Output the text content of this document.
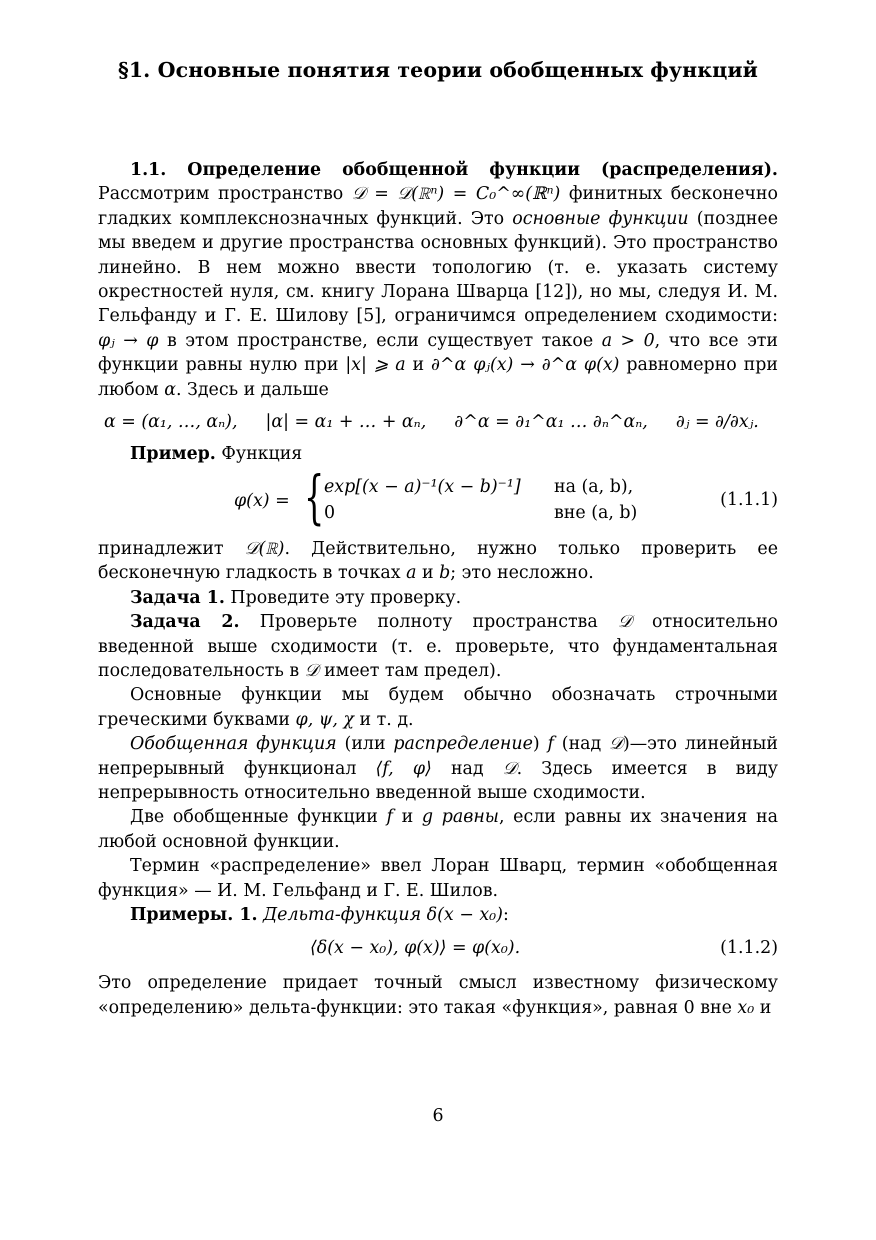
§1. Основные понятия теории обобщенных функций

1.1. Определение обобщенной функции (распределения). Рассмотрим пространство 𝒟 = 𝒟(ℝⁿ) = C₀^∞(ℝⁿ) финитных бесконечно гладких комплекснозначных функций. Это основные функции (позднее мы введем и другие пространства основных функций). Это пространство линейно. В нем можно ввести топологию (т. е. указать систему окрестностей нуля, см. книгу Лорана Шварца [12]), но мы, следуя И. М. Гельфанду и Г. Е. Шилову [5], ограничимся определением сходимости: φⱼ → φ в этом пространстве, если существует такое a > 0, что все эти функции равны нулю при |x| ⩾ a и ∂^α φⱼ(x) → ∂^α φ(x) равномерно при любом α. Здесь и дальше

α = (α₁, …, αₙ), |α| = α₁ + … + αₙ, ∂^α = ∂₁^α₁ … ∂ₙ^αₙ, ∂ⱼ = ∂/∂xⱼ.

Пример. Функция

φ(x) = { exp[(x − a)⁻¹(x − b)⁻¹]
0
на (a, b),
вне (a, b)
(1.1.1)

принадлежит 𝒟(ℝ). Действительно, нужно только проверить ее бесконечную гладкость в точках a и b; это несложно.

Задача 1. Проведите эту проверку.

Задача 2. Проверьте полноту пространства 𝒟 относительно введенной выше сходимости (т. е. проверьте, что фундаментальная последовательность в 𝒟 имеет там предел).

Основные функции мы будем обычно обозначать строчными греческими буквами φ, ψ, χ и т. д.

Обобщенная функция (или распределение) f (над 𝒟)—это линейный непрерывный функционал ⟨f, φ⟩ над 𝒟. Здесь имеется в виду непрерывность относительно введенной выше сходимости.

Две обобщенные функции f и g равны, если равны их значения на любой основной функции.

Термин «распределение» ввел Лоран Шварц, термин «обобщенная функция» — И. М. Гельфанд и Г. Е. Шилов.

Примеры. 1. Дельта-функция δ(x − x₀):

⟨δ(x − x₀), φ(x)⟩ = φ(x₀).	(1.1.2)

Это определение придает точный смысл известному физическому «определению» дельта-функции: это такая «функция», равная 0 вне x₀ и

6
